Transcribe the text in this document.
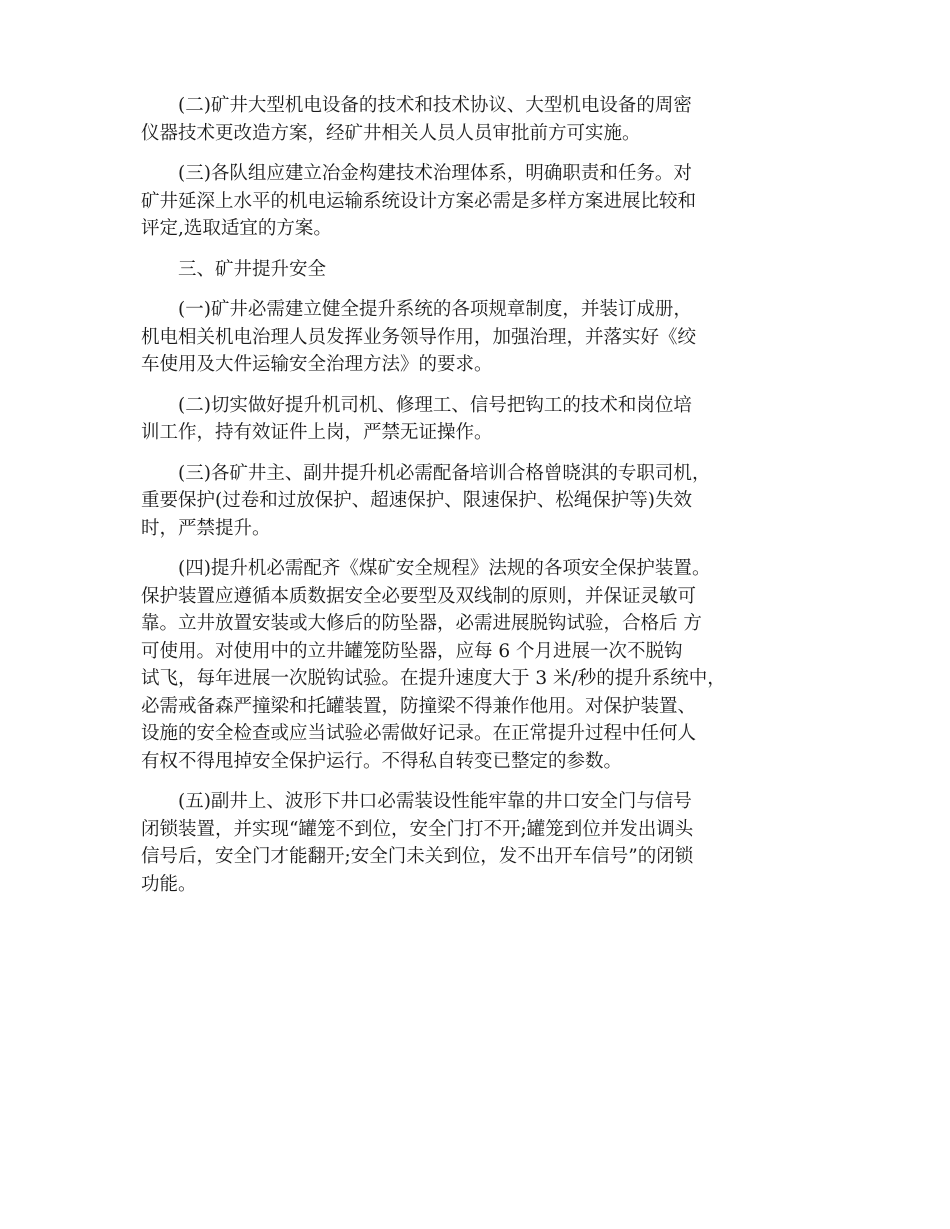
(二)矿井大型机电设备的技术和技术协议、大型机电设备的周密
仪器技术更改造方案，经矿井相关人员人员审批前方可实施。

(三)各队组应建立冶金构建技术治理体系，明确职责和任务。对
矿井延深上水平的机电运输系统设计方案必需是多样方案进展比较和
评定,选取适宜的方案。

三、矿井提升安全

(一)矿井必需建立健全提升系统的各项规章制度，并装订成册，
机电相关机电治理人员发挥业务领导作用，加强治理，并落实好《绞
车使用及大件运输安全治理方法》的要求。

(二)切实做好提升机司机、修理工、信号把钩工的技术和岗位培
训工作，持有效证件上岗，严禁无证操作。

(三)各矿井主、副井提升机必需配备培训合格曾晓淇的专职司机，
重要保护(过卷和过放保护、超速保护、限速保护、松绳保护等)失效
时，严禁提升。

(四)提升机必需配齐《煤矿安全规程》法规的各项安全保护装置。
保护装置应遵循本质数据安全必要型及双线制的原则，并保证灵敏可
靠。立井放置安装或大修后的防坠器，必需进展脱钩试验，合格后 方
可使用。对使用中的立井罐笼防坠器，应每 6 个月进展一次不脱钩
试飞，每年进展一次脱钩试验。在提升速度大于 3 米/秒的提升系统中，
必需戒备森严撞梁和托罐装置，防撞梁不得兼作他用。对保护装置、
设施的安全检查或应当试验必需做好记录。在正常提升过程中任何人
有权不得甩掉安全保护运行。不得私自转变已整定的参数。

(五)副井上、波形下井口必需装设性能牢靠的井口安全门与信号
闭锁装置，并实现“罐笼不到位，安全门打不开;罐笼到位并发出调头
信号后，安全门才能翻开;安全门未关到位，发不出开车信号”的闭锁
功能。
